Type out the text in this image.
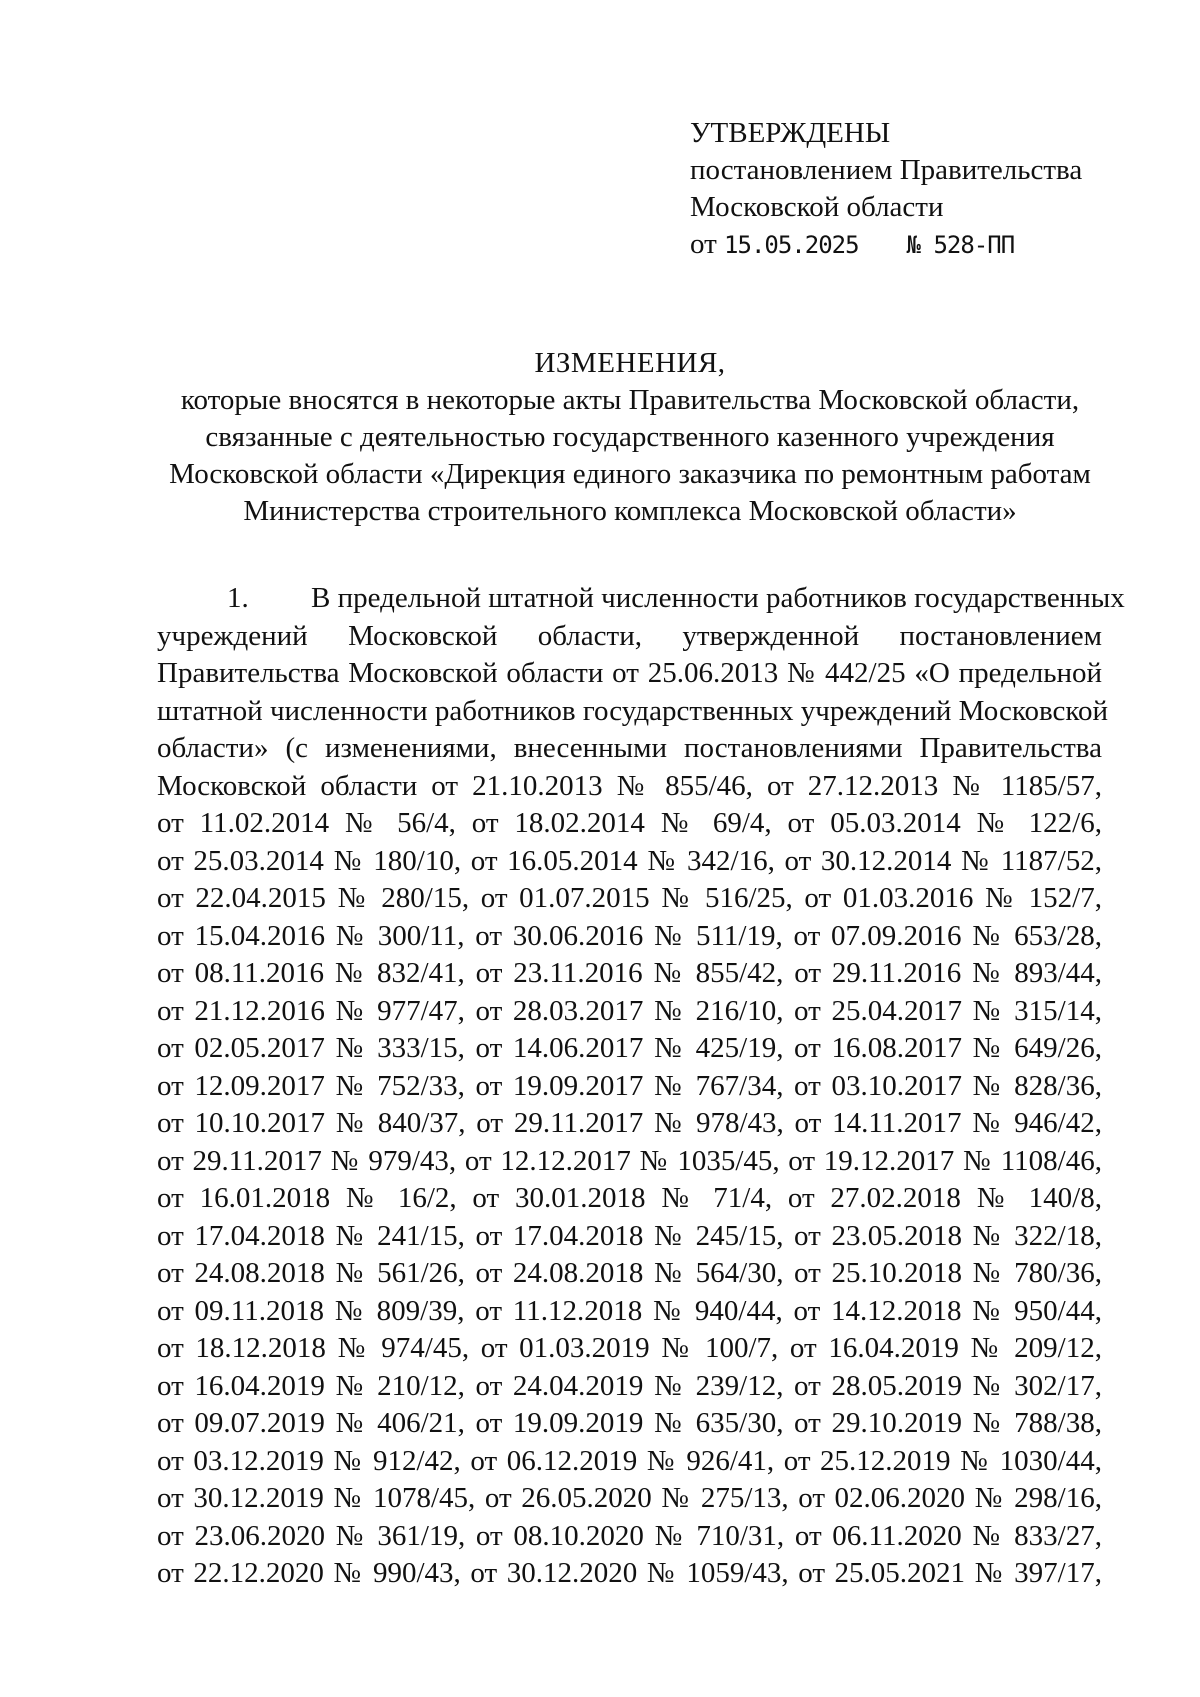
УТВЕРЖДЕНЫ
постановлением Правительства
Московской области
от
15.05.2025 № 528-ПП
ИЗМЕНЕНИЯ,
которые вносятся в некоторые акты Правительства Московской области,
связанные с деятельностью государственного казенного учреждения
Московской области «Дирекция единого заказчика по ремонтным работам
Министерства строительного комплекса Московской области»
1. В предельной штатной численности работников государственных
учреждений Московской области, утвержденной постановлением
Правительства Московской области от 25.06.2013 № 442/25 «О предельной
штатной численности работников государственных учреждений Московской
области» (с изменениями, внесенными постановлениями Правительства
Московской области от 21.10.2013 № 855/46, от 27.12.2013 № 1185/57,
от 11.02.2014 № 56/4, от 18.02.2014 № 69/4, от 05.03.2014 № 122/6,
от 25.03.2014 № 180/10, от 16.05.2014 № 342/16, от 30.12.2014 № 1187/52,
от 22.04.2015 № 280/15, от 01.07.2015 № 516/25, от 01.03.2016 № 152/7,
от 15.04.2016 № 300/11, от 30.06.2016 № 511/19, от 07.09.2016 № 653/28,
от 08.11.2016 № 832/41, от 23.11.2016 № 855/42, от 29.11.2016 № 893/44,
от 21.12.2016 № 977/47, от 28.03.2017 № 216/10, от 25.04.2017 № 315/14,
от 02.05.2017 № 333/15, от 14.06.2017 № 425/19, от 16.08.2017 № 649/26,
от 12.09.2017 № 752/33, от 19.09.2017 № 767/34, от 03.10.2017 № 828/36,
от 10.10.2017 № 840/37, от 29.11.2017 № 978/43, от 14.11.2017 № 946/42,
от 29.11.2017 № 979/43, от 12.12.2017 № 1035/45, от 19.12.2017 № 1108/46,
от 16.01.2018 № 16/2, от 30.01.2018 № 71/4, от 27.02.2018 № 140/8,
от 17.04.2018 № 241/15, от 17.04.2018 № 245/15, от 23.05.2018 № 322/18,
от 24.08.2018 № 561/26, от 24.08.2018 № 564/30, от 25.10.2018 № 780/36,
от 09.11.2018 № 809/39, от 11.12.2018 № 940/44, от 14.12.2018 № 950/44,
от 18.12.2018 № 974/45, от 01.03.2019 № 100/7, от 16.04.2019 № 209/12,
от 16.04.2019 № 210/12, от 24.04.2019 № 239/12, от 28.05.2019 № 302/17,
от 09.07.2019 № 406/21, от 19.09.2019 № 635/30, от 29.10.2019 № 788/38,
от 03.12.2019 № 912/42, от 06.12.2019 № 926/41, от 25.12.2019 № 1030/44,
от 30.12.2019 № 1078/45, от 26.05.2020 № 275/13, от 02.06.2020 № 298/16,
от 23.06.2020 № 361/19, от 08.10.2020 № 710/31, от 06.11.2020 № 833/27,
от 22.12.2020 № 990/43, от 30.12.2020 № 1059/43, от 25.05.2021 № 397/17,
